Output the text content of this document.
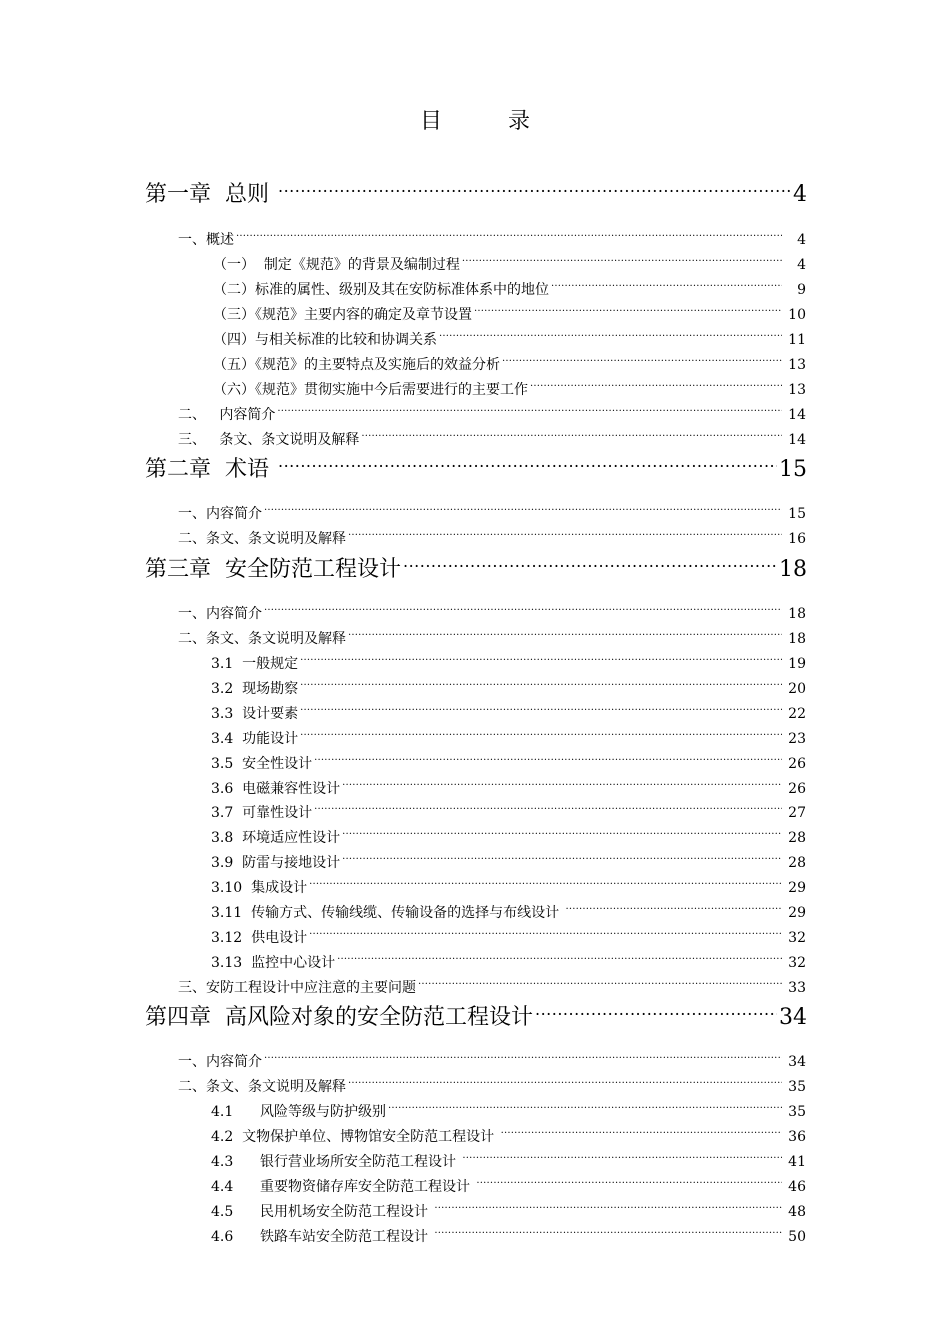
目　录
第一章  总则 .....	4
一、概述 .....	4
（一）  制定《规范》的背景及编制过程 .....	4
（二）标准的属性、级别及其在安防标准体系中的地位 .....	9
（三）《规范》主要内容的确定及章节设置 .....	10
（四）与相关标准的比较和协调关系 .....	11
（五）《规范》的主要特点及实施后的效益分析 .....	13
（六）《规范》贯彻实施中今后需要进行的主要工作 .....	13
二、   内容简介 .....	14
三、   条文、条文说明及解释 .....	14
第二章  术语 .....	15
一、内容简介 .....	15
二、条文、条文说明及解释 .....	16
第三章  安全防范工程设计 .....	18
一、内容简介 .....	18
二、条文、条文说明及解释 .....	18
3.1  一般规定 .....	19
3.2  现场勘察 .....	20
3.3  设计要素 .....	22
3.4  功能设计 .....	23
3.5  安全性设计 .....	26
3.6  电磁兼容性设计 .....	26
3.7  可靠性设计 .....	27
3.8  环境适应性设计 .....	28
3.9  防雷与接地设计 .....	28
3.10  集成设计 .....	29
3.11  传输方式、传输线缆、传输设备的选择与布线设计 .....	29
3.12  供电设计 .....	32
3.13  监控中心设计 .....	32
三、安防工程设计中应注意的主要问题 .....	33
第四章  高风险对象的安全防范工程设计 .....	34
一、内容简介 .....	34
二、条文、条文说明及解释 .....	35
4.1      风险等级与防护级别 .....	35
4.2  文物保护单位、博物馆安全防范工程设计 .....	36
4.3      银行营业场所安全防范工程设计 .....	41
4.4      重要物资储存库安全防范工程设计 .....	46
4.5      民用机场安全防范工程设计 .....	48
4.6      铁路车站安全防范工程设计 .....	50
